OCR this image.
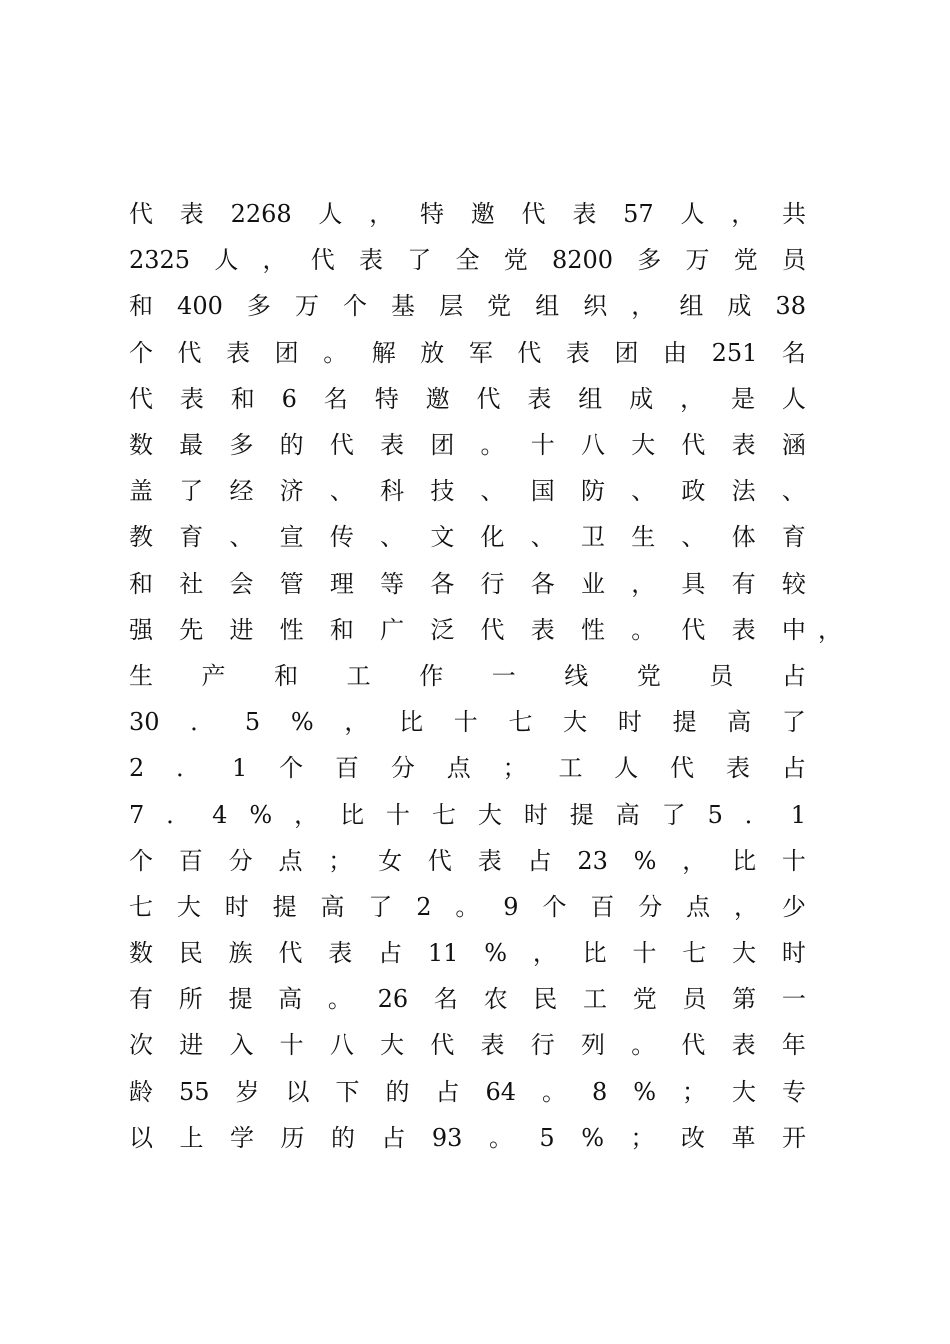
代 表 2268 人 ， 特 邀 代 表 57 人 ， 共
2325 人 ， 代 表 了 全 党 8200 多 万 党 员
和 400 多 万 个 基 层 党 组 织 ， 组 成 38
个 代 表 团 。 解 放 军 代 表 团 由 251 名
代 表 和 6 名 特 邀 代 表 组 成 ， 是 人
数 最 多 的 代 表 团 。 十 八 大 代 表 涵
盖 了 经 济 、 科 技 、 国 防 、 政 法 、
教 育 、 宣 传 、 文 化 、 卫 生 、 体 育
和 社 会 管 理 等 各 行 各 业 ， 具 有 较
强 先 进 性 和 广 泛 代 表 性 。 代 表 中 ，
生 产 和 工 作 一 线 党 员 占
30 ． 5 % ， 比 十 七 大 时 提 高 了
2 ． 1 个 百 分 点 ； 工 人 代 表 占
7 ． 4 % ， 比 十 七 大 时 提 高 了 5 ． 1
个 百 分 点 ； 女 代 表 占 23 % ， 比 十
七 大 时 提 高 了 2 。 9 个 百 分 点 ， 少
数 民 族 代 表 占 11 % ， 比 十 七 大 时
有 所 提 高 。 26 名 农 民 工 党 员 第 一
次 进 入 十 八 大 代 表 行 列 。 代 表 年
龄 55 岁 以 下 的 占 64 。 8 % ； 大 专
以 上 学 历 的 占 93 。 5 % ； 改 革 开
